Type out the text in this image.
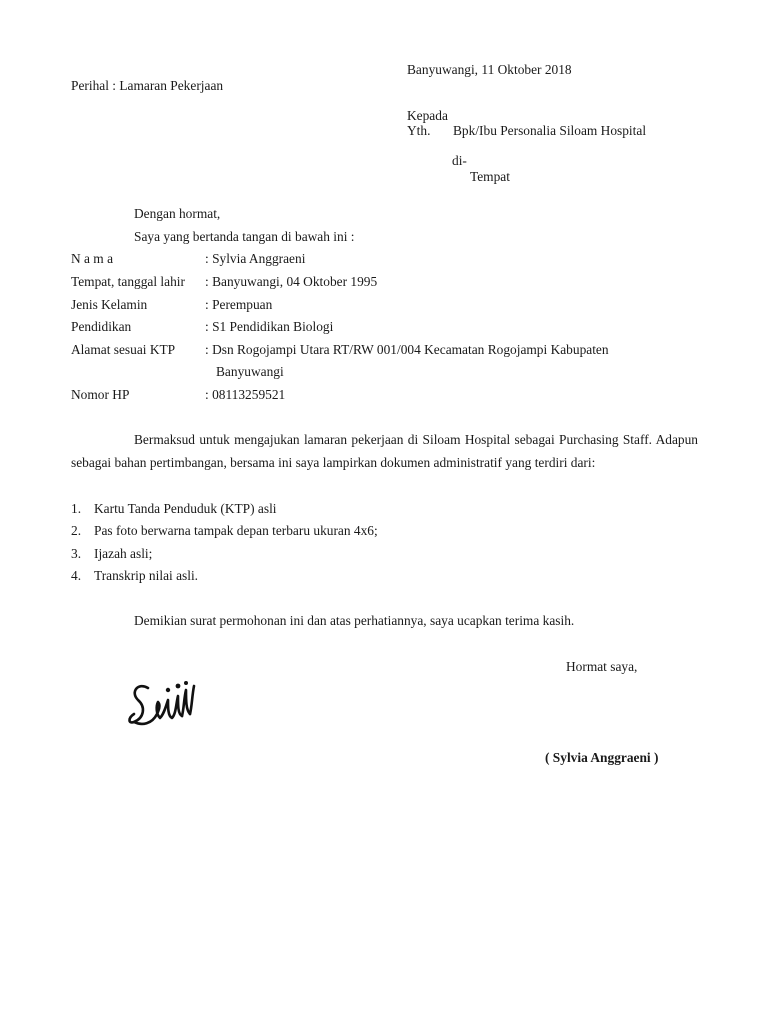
Banyuwangi, 11 Oktober 2018
Perihal : Lamaran Pekerjaan
Kepada
Yth. Bpk/Ibu Personalia Siloam Hospital
di-
Tempat
Dengan hormat,
Saya yang bertanda tangan di bawah ini :
N a m a	: Sylvia Anggraeni
Tempat, tanggal lahir : Banyuwangi, 04 Oktober 1995
Jenis Kelamin	: Perempuan
Pendidikan	: S1 Pendidikan Biologi
Alamat sesuai KTP : Dsn Rogojampi Utara RT/RW 001/004 Kecamatan Rogojampi Kabupaten
Banyuwangi
Nomor HP	: 08113259521
Bermaksud untuk mengajukan lamaran pekerjaan di Siloam Hospital sebagai Purchasing Staff. Adapun sebagai bahan pertimbangan, bersama ini saya lampirkan dokumen administratif yang terdiri dari:
1. Kartu Tanda Penduduk (KTP) asli
2. Pas foto berwarna tampak depan terbaru ukuran 4x6;
3. Ijazah asli;
4. Transkrip nilai asli.
Demikian surat permohonan ini dan atas perhatiannya, saya ucapkan terima kasih.
Hormat saya,
( Sylvia Anggraeni )
